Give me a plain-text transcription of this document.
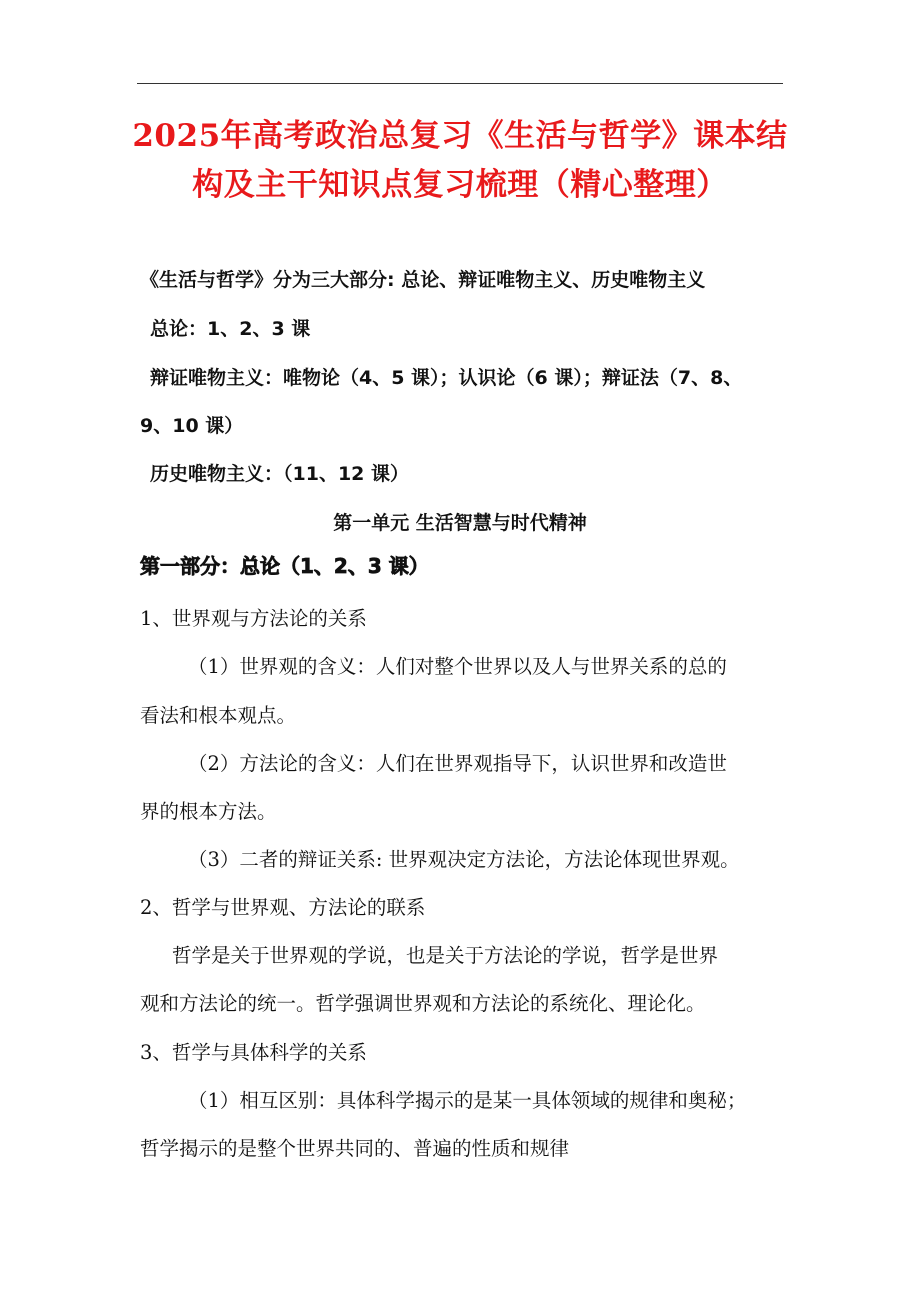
2025年高考政治总复习《生活与哲学》课本结
构及主干知识点复习梳理（精心整理）
《生活与哲学》分为三大部分: 总论、辩证唯物主义、历史唯物主义
总论：1、2、3 课
辩证唯物主义：唯物论（4、5 课）；认识论（6 课）；辩证法（7、8、
9、10 课）
历史唯物主义：（11、12 课）
第一单元 生活智慧与时代精神
第一部分：总论（1、2、3 课）
1、世界观与方法论的关系
（1）世界观的含义：人们对整个世界以及人与世界关系的总的
看法和根本观点。
（2）方法论的含义：人们在世界观指导下，认识世界和改造世
界的根本方法。
（3）二者的辩证关系: 世界观决定方法论，方法论体现世界观。
2、哲学与世界观、方法论的联系
哲学是关于世界观的学说，也是关于方法论的学说，哲学是世界
观和方法论的统一。哲学强调世界观和方法论的系统化、理论化。
3、哲学与具体科学的关系
（1）相互区别：具体科学揭示的是某一具体领域的规律和奥秘；
哲学揭示的是整个世界共同的、普遍的性质和规律
